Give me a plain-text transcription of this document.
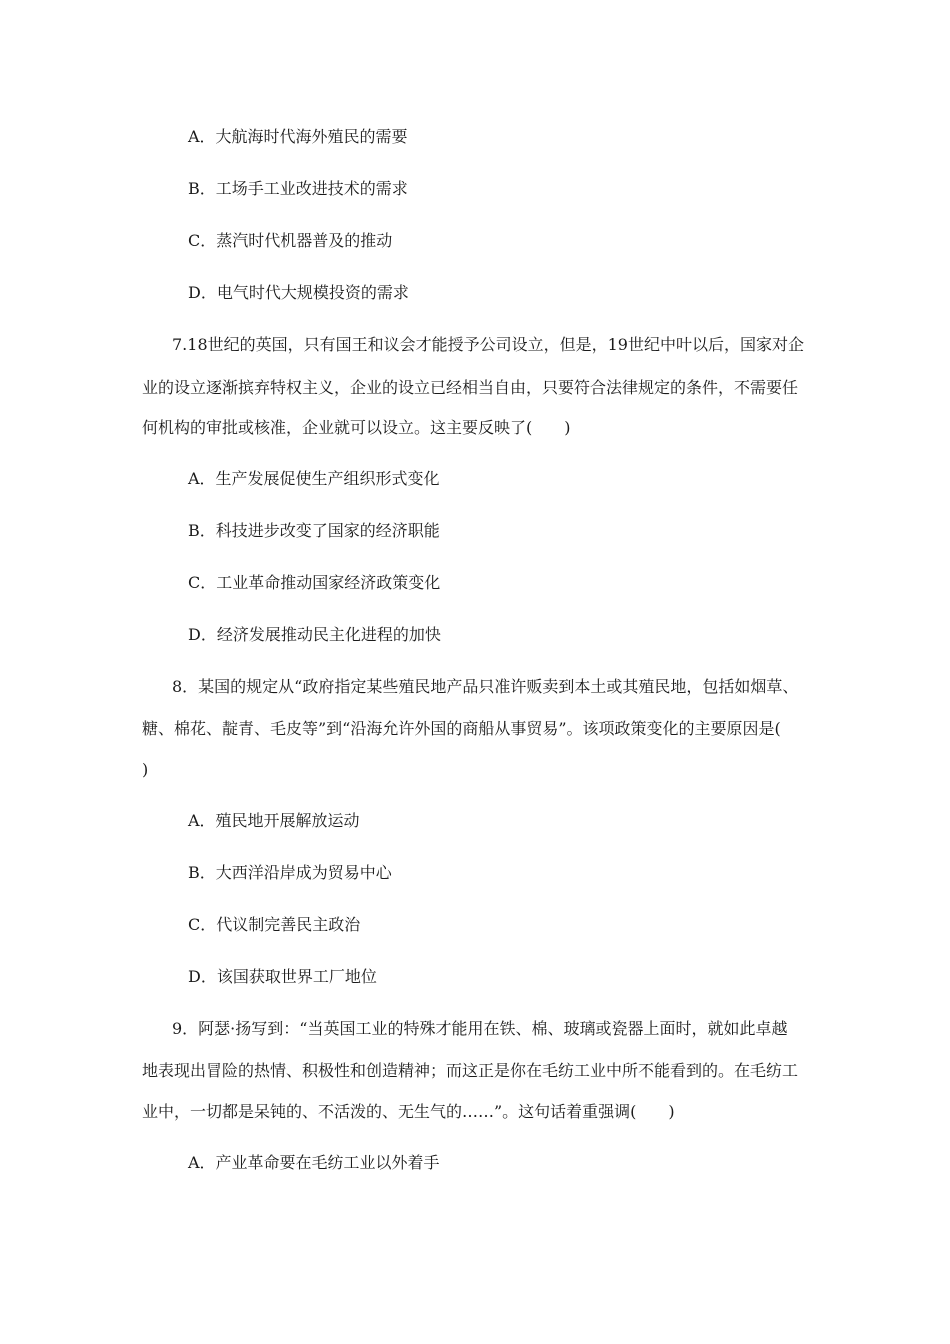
A．大航海时代海外殖民的需要
B．工场手工业改进技术的需求
C．蒸汽时代机器普及的推动
D．电气时代大规模投资的需求
7.18世纪的英国，只有国王和议会才能授予公司设立，但是，19世纪中叶以后，国家对企
业的设立逐渐摈弃特权主义，企业的设立已经相当自由，只要符合法律规定的条件，不需要任
何机构的审批或核准，企业就可以设立。这主要反映了(　　)
A．生产发展促使生产组织形式变化
B．科技进步改变了国家的经济职能
C．工业革命推动国家经济政策变化
D．经济发展推动民主化进程的加快
8．某国的规定从“政府指定某些殖民地产品只准许贩卖到本土或其殖民地，包括如烟草、
糖、棉花、靛青、毛皮等”到“沿海允许外国的商船从事贸易”。该项政策变化的主要原因是(
)
A．殖民地开展解放运动
B．大西洋沿岸成为贸易中心
C．代议制完善民主政治
D．该国获取世界工厂地位
9．阿瑟·扬写到：“当英国工业的特殊才能用在铁、棉、玻璃或瓷器上面时，就如此卓越
地表现出冒险的热情、积极性和创造精神；而这正是你在毛纺工业中所不能看到的。在毛纺工
业中，一切都是呆钝的、不活泼的、无生气的……”。这句话着重强调(　　)
A．产业革命要在毛纺工业以外着手
